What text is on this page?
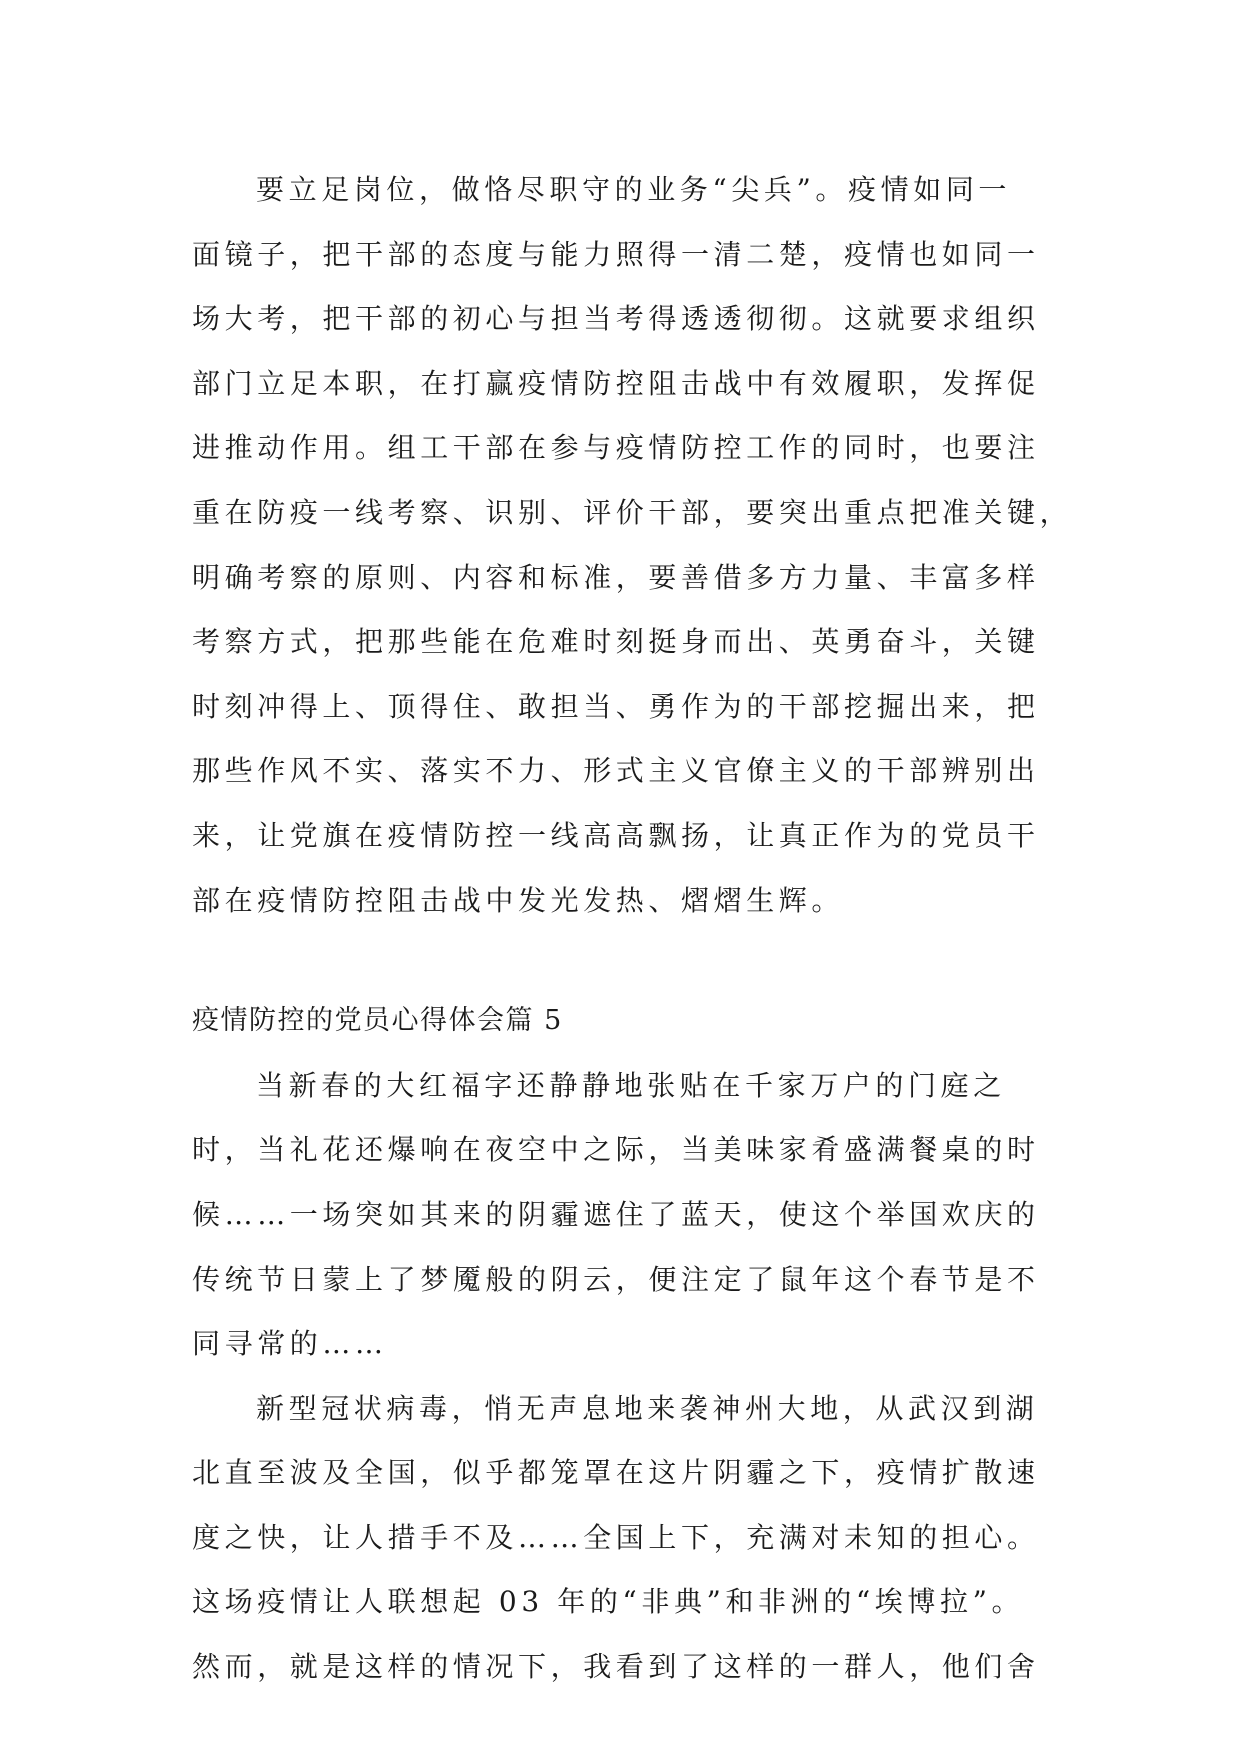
要立足岗位，做恪尽职守的业务“尖兵”。疫情如同一
面镜子，把干部的态度与能力照得一清二楚，疫情也如同一
场大考，把干部的初心与担当考得透透彻彻。这就要求组织
部门立足本职，在打赢疫情防控阻击战中有效履职，发挥促
进推动作用。组工干部在参与疫情防控工作的同时，也要注
重在防疫一线考察、识别、评价干部，要突出重点把准关键，
明确考察的原则、内容和标准，要善借多方力量、丰富多样
考察方式，把那些能在危难时刻挺身而出、英勇奋斗，关键
时刻冲得上、顶得住、敢担当、勇作为的干部挖掘出来，把
那些作风不实、落实不力、形式主义官僚主义的干部辨别出
来，让党旗在疫情防控一线高高飘扬，让真正作为的党员干
部在疫情防控阻击战中发光发热、熠熠生辉。
疫情防控的党员心得体会篇 5
当新春的大红福字还静静地张贴在千家万户的门庭之
时，当礼花还爆响在夜空中之际，当美味家肴盛满餐桌的时
候……一场突如其来的阴霾遮住了蓝天，使这个举国欢庆的
传统节日蒙上了梦魇般的阴云，便注定了鼠年这个春节是不
同寻常的……
新型冠状病毒，悄无声息地来袭神州大地，从武汉到湖
北直至波及全国，似乎都笼罩在这片阴霾之下，疫情扩散速
度之快，让人措手不及……全国上下，充满对未知的担心。
这场疫情让人联想起 03 年的“非典”和非洲的“埃博拉”。
然而，就是这样的情况下，我看到了这样的一群人，他们舍
